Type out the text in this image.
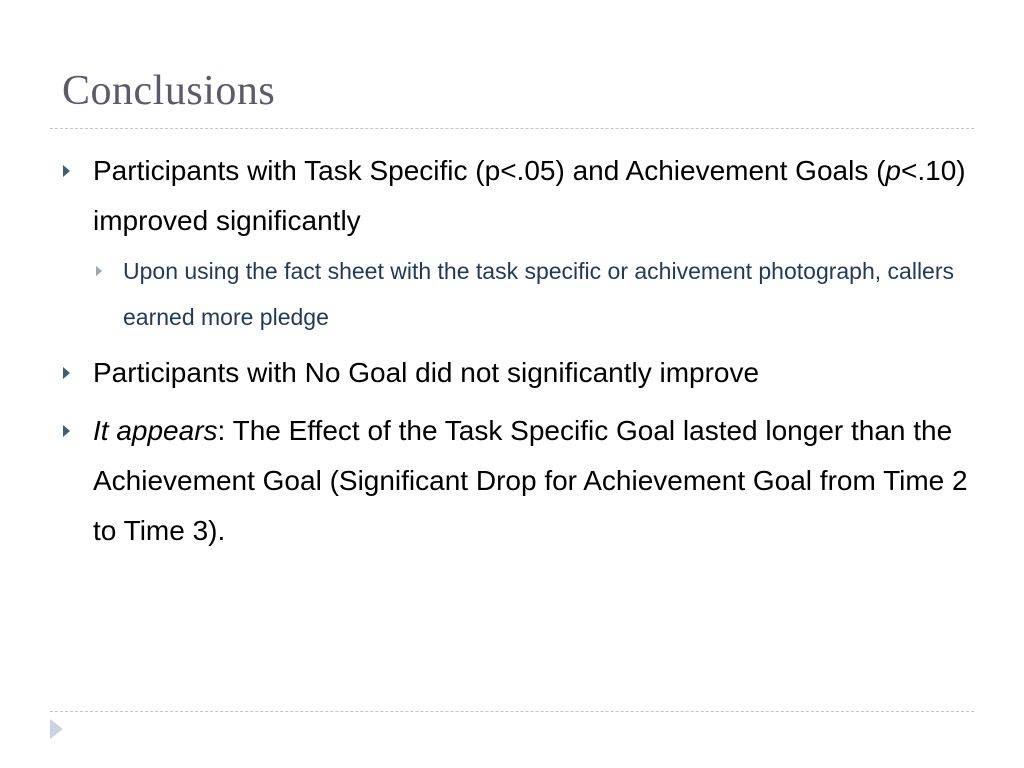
Conclusions
Participants with Task Specific (p<.05) and Achievement Goals (p<.10) improved significantly
Upon using the fact sheet with the task specific or achivement photograph, callers earned more pledge
Participants with No Goal did not significantly improve
It appears: The Effect of the Task Specific Goal lasted longer than the Achievement Goal (Significant Drop for Achievement Goal from Time 2 to Time 3).
